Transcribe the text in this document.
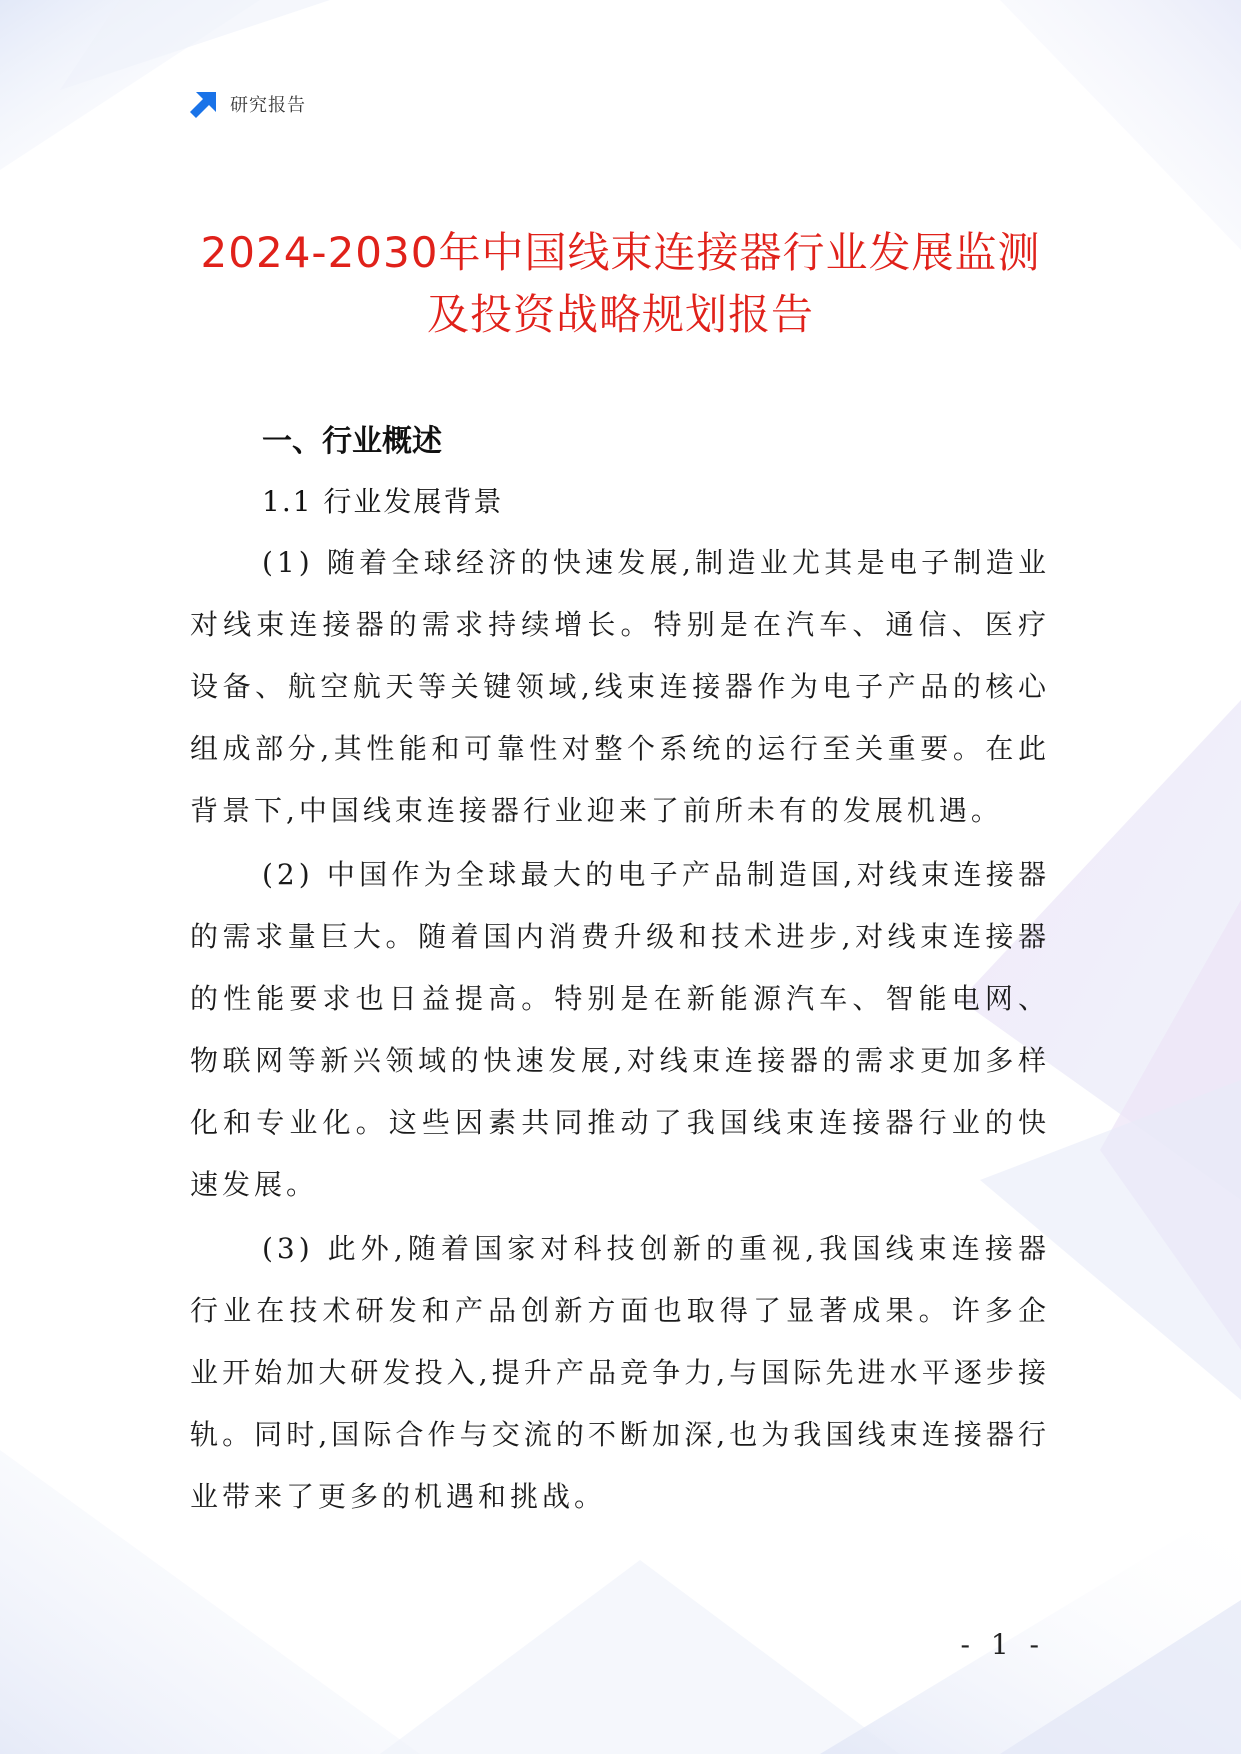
研究报告
2024-2030年中国线束连接器行业发展监测
及投资战略规划报告

一、行业概述

1.1 行业发展背景

(1) 随着全球经济的快速发展,制造业尤其是电子制造业对线束连接器的需求持续增长。特别是在汽车、通信、医疗设备、航空航天等关键领域,线束连接器作为电子产品的核心组成部分,其性能和可靠性对整个系统的运行至关重要。在此背景下,中国线束连接器行业迎来了前所未有的发展机遇。

(2) 中国作为全球最大的电子产品制造国,对线束连接器的需求量巨大。随着国内消费升级和技术进步,对线束连接器的性能要求也日益提高。特别是在新能源汽车、智能电网、物联网等新兴领域的快速发展,对线束连接器的需求更加多样化和专业化。这些因素共同推动了我国线束连接器行业的快速发展。

(3) 此外,随着国家对科技创新的重视,我国线束连接器行业在技术研发和产品创新方面也取得了显著成果。许多企业开始加大研发投入,提升产品竞争力,与国际先进水平逐步接轨。同时,国际合作与交流的不断加深,也为我国线束连接器行业带来了更多的机遇和挑战。

- 1 -
